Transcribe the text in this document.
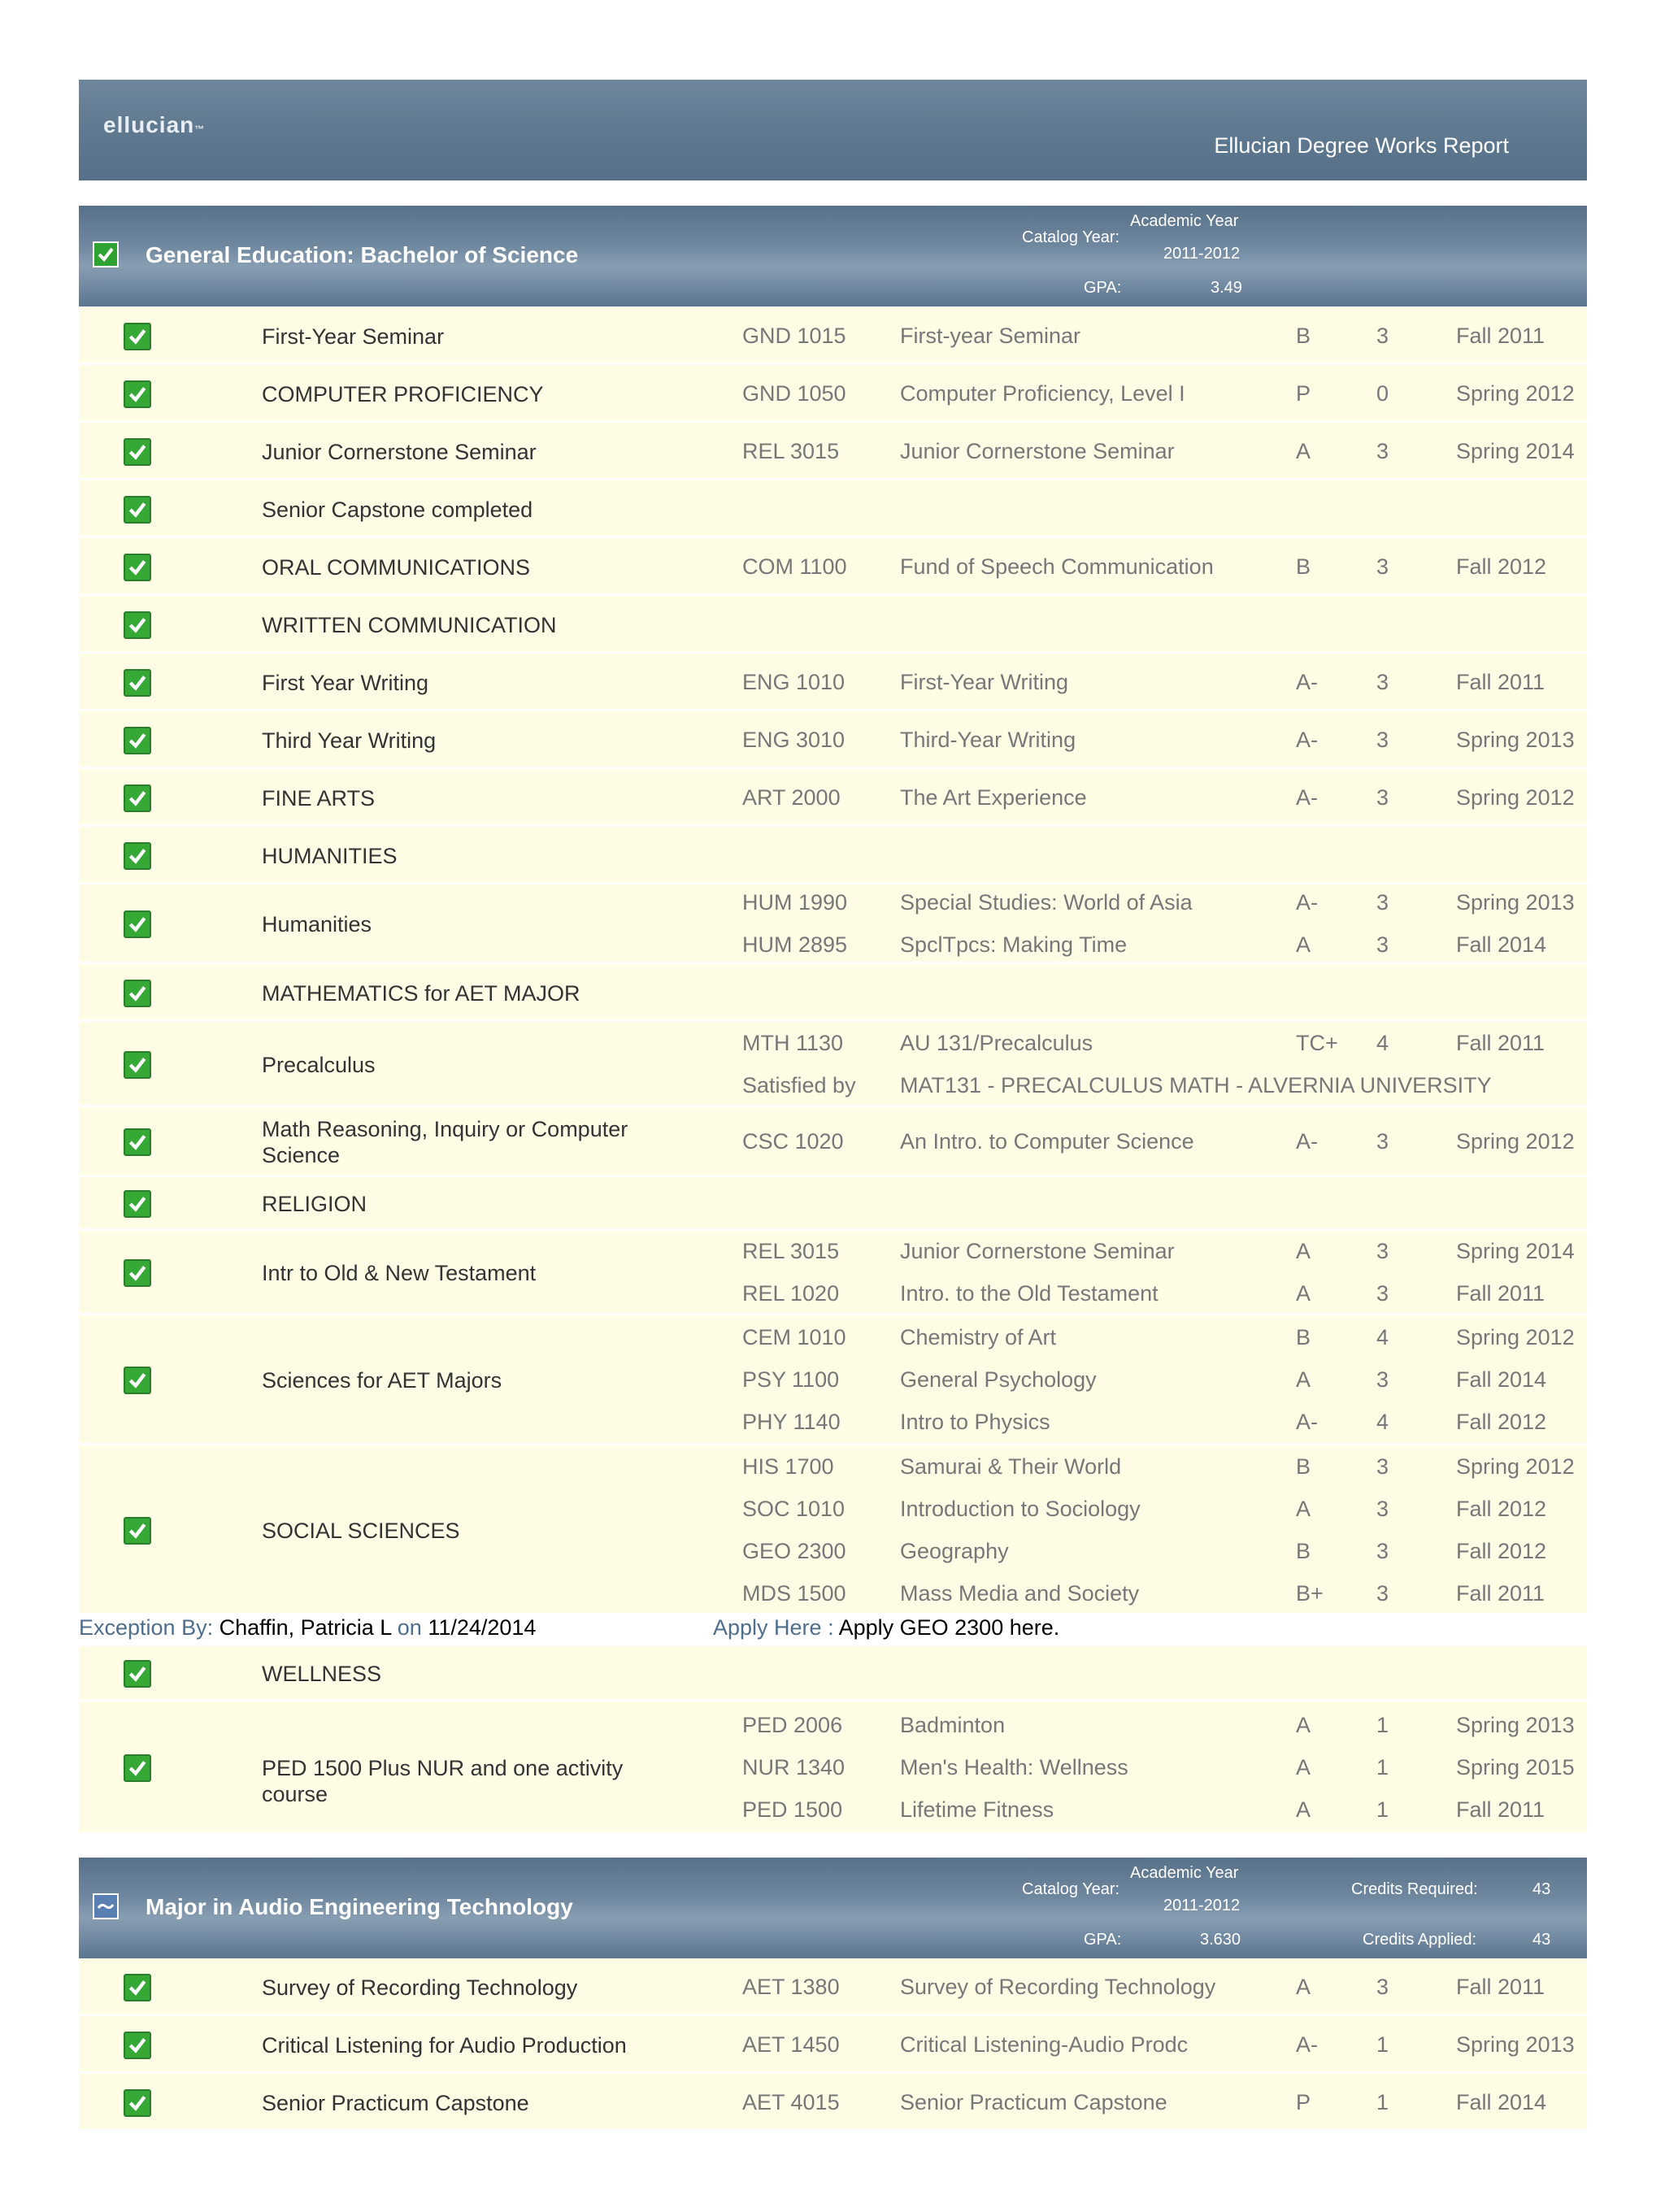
ellucian™
Ellucian Degree Works Report
General Education: Bachelor of Science
Academic Year
Catalog Year:
2011-2012
GPA:	3.49
First-Year Seminar	GND 1015 First-year Seminar	B	3	Fall 2011
COMPUTER PROFICIENCY	GND 1050 Computer Proficiency, Level I	P	0	Spring 2012
Junior Cornerstone Seminar	REL 3015	Junior Cornerstone Seminar	A	3	Spring 2014
Senior Capstone completed
ORAL COMMUNICATIONS	COM 1100 Fund of Speech Communication	B	3	Fall 2012
WRITTEN COMMUNICATION
First Year Writing	ENG 1010	First-Year Writing	A-	3	Fall 2011
Third Year Writing	ENG 3010	Third-Year Writing	A-	3	Spring 2013
FINE ARTS	ART 2000	The Art Experience	A-	3	Spring 2012
HUMANITIES
Humanities
HUM 1990 Special Studies: World of Asia	A-	3	Spring 2013
HUM 2895 SpclTpcs: Making Time	A	3	Fall 2014
MATHEMATICS for AET MAJOR
Precalculus
MTH 1130	AU 131/Precalculus	TC+ 4	Fall 2011
Satisfied by MAT131 - PRECALCULUS MATH - ALVERNIA UNIVERSITY
Math Reasoning, Inquiry or Computer Science
CSC 1020	An Intro. to Computer Science	A-	3	Spring 2012
RELIGION
Intr to Old & New Testament
REL 3015	Junior Cornerstone Seminar	A	3	Spring 2014
REL 1020	Intro. to the Old Testament	A	3	Fall 2011
Sciences for AET Majors
CEM 1010 Chemistry of Art	B	4	Spring 2012
PSY 1100	General Psychology	A	3	Fall 2014
PHY 1140	Intro to Physics	A-	4	Fall 2012
SOCIAL SCIENCES
HIS 1700	Samurai & Their World	B	3	Spring 2012
SOC 1010	Introduction to Sociology	A	3	Fall 2012
GEO 2300 Geography	B	3	Fall 2012
MDS 1500 Mass Media and Society	B+ 3	Fall 2011
WELLNESS
PED 1500 Plus NUR and one activity course
PED 2006	Badminton	A	1	Spring 2013
NUR 1340	Men's Health: Wellness	A	1	Spring 2015
PED 1500	Lifetime Fitness	A	1	Fall 2011
Exception By: Chaffin, Patricia L on 11/24/2014	Apply Here : Apply GEO 2300 here.
Major in Audio Engineering Technology
Academic Year
Catalog Year:
2011-2012
GPA:	3.630
Credits Required:	43
Credits Applied:	43
Survey of Recording Technology	AET 1380	Survey of Recording Technology	A	3	Fall 2011
Critical Listening for Audio Production	AET 1450	Critical Listening-Audio Prodc	A-	1	Spring 2013
Senior Practicum Capstone	AET 4015	Senior Practicum Capstone	P	1	Fall 2014
